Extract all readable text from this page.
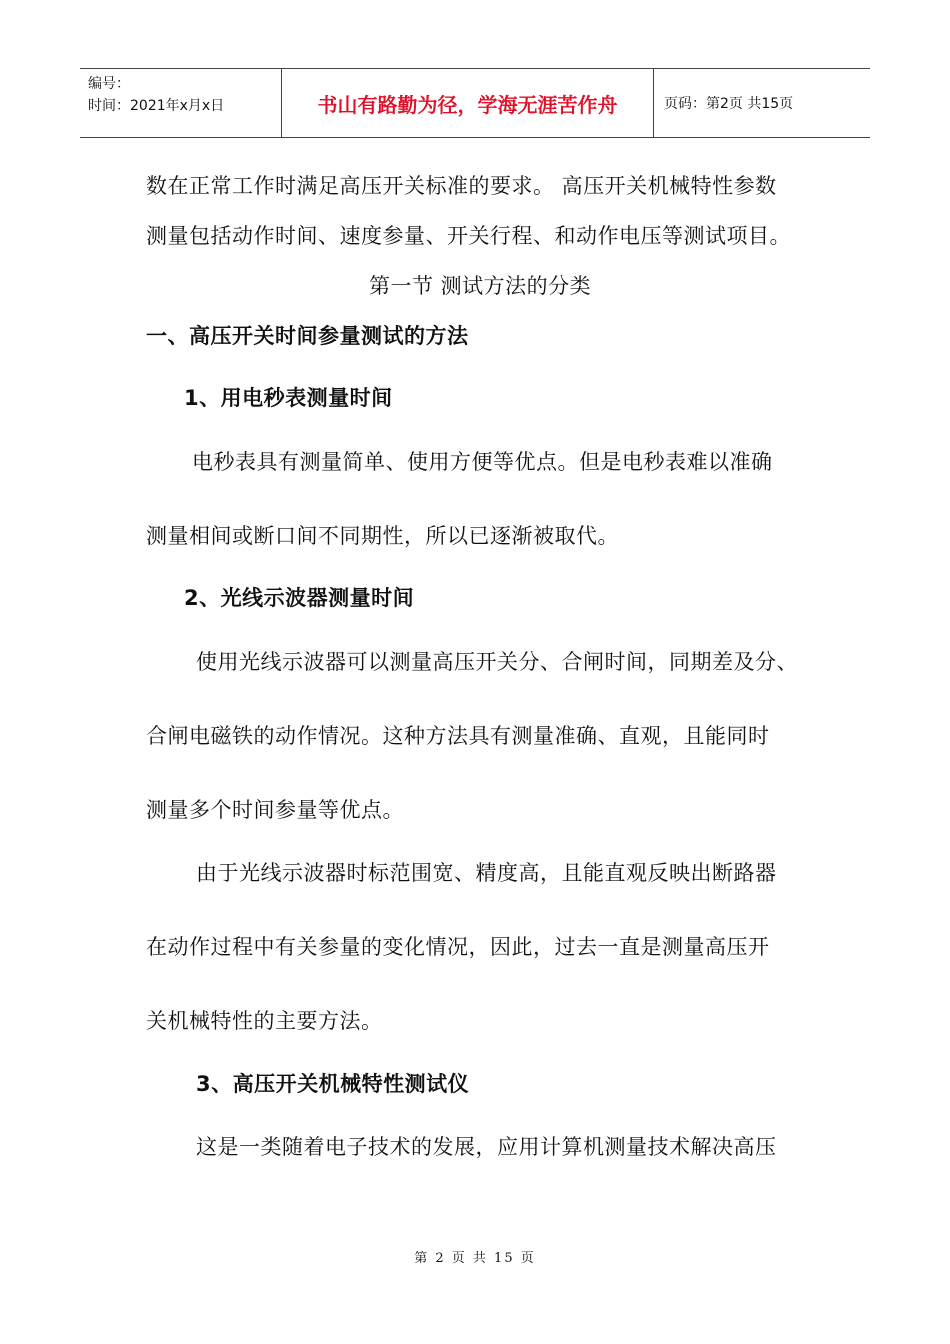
编号：
时间：2021年x月x日	书山有路勤为径，学海无涯苦作舟	页码：第2页 共15页
数在正常工作时满足高压开关标准的要求。 高压开关机械特性参数
测量包括动作时间、速度参量、开关行程、和动作电压等测试项目。
第一节 测试方法的分类
一、高压开关时间参量测试的方法
1、用电秒表测量时间
电秒表具有测量简单、使用方便等优点。但是电秒表难以准确
测量相间或断口间不同期性，所以已逐渐被取代。
2、光线示波器测量时间
使用光线示波器可以测量高压开关分、合闸时间，同期差及分、
合闸电磁铁的动作情况。这种方法具有测量准确、直观，且能同时
测量多个时间参量等优点。
由于光线示波器时标范围宽、精度高，且能直观反映出断路器
在动作过程中有关参量的变化情况，因此，过去一直是测量高压开
关机械特性的主要方法。
3、高压开关机械特性测试仪
这是一类随着电子技术的发展，应用计算机测量技术解决高压
第 2 页 共 15 页
